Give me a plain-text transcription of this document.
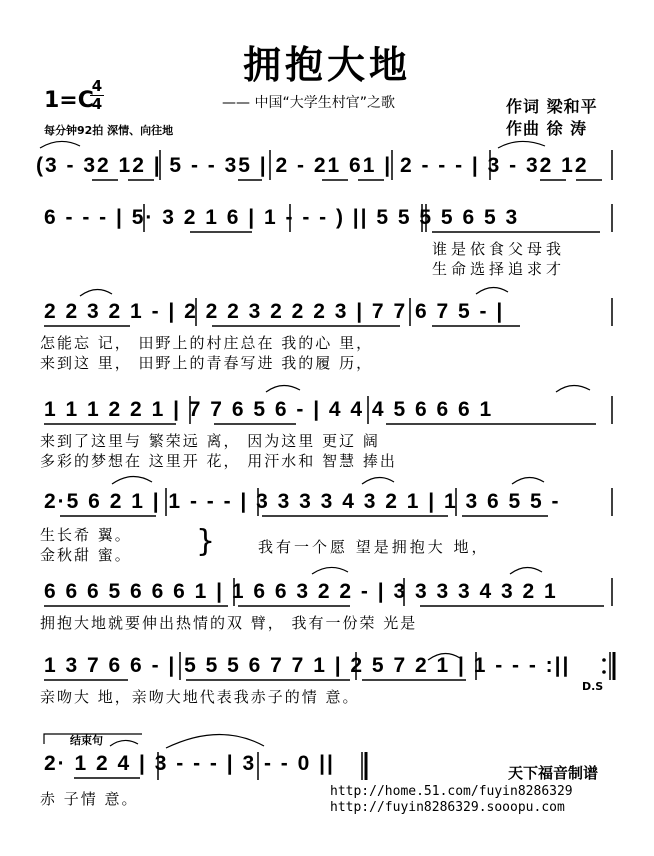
拥抱大地
1=C
4
4
每分钟92拍 深情、向往地
—— 中国“大学生村官”之歌	作词 梁和平
作曲 徐 涛
(3 - 32 12 | 5 - - 35 | 2 - 21 61 | 2 - - - | 3 - 32 12
6 - - - | 5· 3 2 1 6 | 1 - - - ) || 5 5 5 5 6 5 3
谁是依食父母我
生命选择追求才
2 2 3 2 1 - | 2 2 2 3 2 2 2 3 | 7 7 6 7 5 - |
怎能忘 记， 田野上的村庄总在 我的心 里，
来到这 里， 田野上的青春写进 我的履 历，
1 1 1 2 2 1 | 7 7 6 5 6 - | 4 4 4 5 6 6 6 1
来到了这里与 繁荣远 离， 因为这里 更辽 阔
多彩的梦想在 这里开 花， 用汗水和 智慧 捧出
2·5 6 2 1 | 1 - - - | 3 3 3 3 4 3 2 1 | 1 3 6 5 5 -
生长希 翼。
金秋甜 蜜。 }	我有一个愿 望是拥抱大 地，
6 6 6 5 6 6 6 1 | 1 6 6 3 2 2 - | 3 3 3 3 4 3 2 1
拥抱大地就要伸出热情的双 臂， 我有一份荣 光是
1 3 7 6 6 - | 5 5 5 6 7 7 1 | 2 5 7 2 1 | 1 - - - :||
亲吻大 地，亲吻大地代表我赤子的情 意。
D.S
结束句
2· 1 2 4 | 3 - - - | 3 - - 0 ||
赤 子情 意。
天下福音制谱
http://home.51.com/fuyin8286329
http://fuyin8286329.sooopu.com
